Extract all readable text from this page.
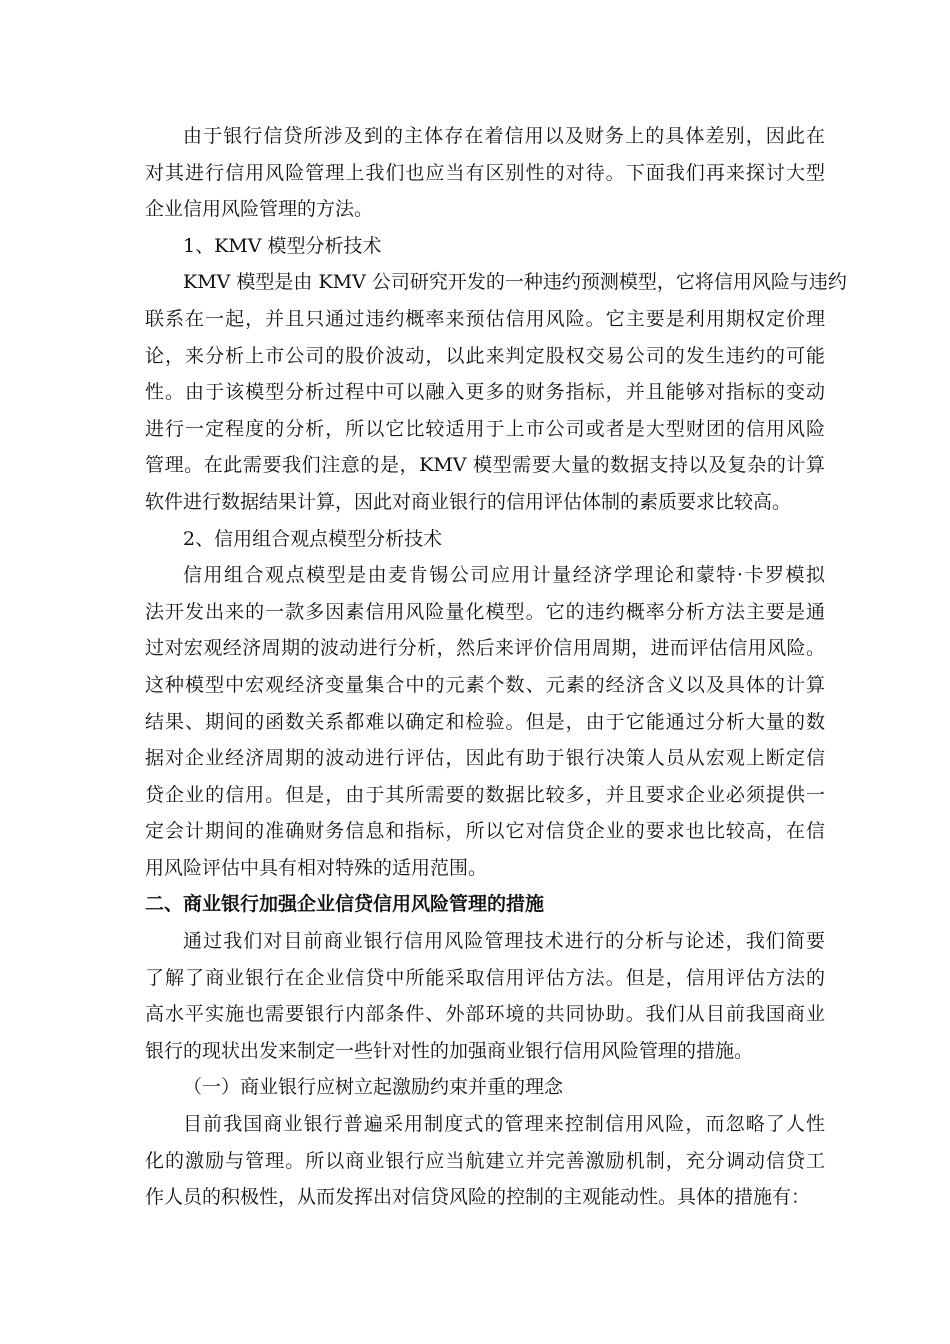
由于银行信贷所涉及到的主体存在着信用以及财务上的具体差别，因此在
对其进行信用风险管理上我们也应当有区别性的对待。下面我们再来探讨大型
企业信用风险管理的方法。
1、KMV 模型分析技术
KMV 模型是由 KMV 公司研究开发的一种违约预测模型，它将信用风险与违约
联系在一起，并且只通过违约概率来预估信用风险。它主要是利用期权定价理
论，来分析上市公司的股价波动，以此来判定股权交易公司的发生违约的可能
性。由于该模型分析过程中可以融入更多的财务指标，并且能够对指标的变动
进行一定程度的分析，所以它比较适用于上市公司或者是大型财团的信用风险
管理。在此需要我们注意的是，KMV 模型需要大量的数据支持以及复杂的计算
软件进行数据结果计算，因此对商业银行的信用评估体制的素质要求比较高。
2、信用组合观点模型分析技术
信用组合观点模型是由麦肯锡公司应用计量经济学理论和蒙特·卡罗模拟
法开发出来的一款多因素信用风险量化模型。它的违约概率分析方法主要是通
过对宏观经济周期的波动进行分析，然后来评价信用周期，进而评估信用风险。
这种模型中宏观经济变量集合中的元素个数、元素的经济含义以及具体的计算
结果、期间的函数关系都难以确定和检验。但是，由于它能通过分析大量的数
据对企业经济周期的波动进行评估，因此有助于银行决策人员从宏观上断定信
贷企业的信用。但是，由于其所需要的数据比较多，并且要求企业必须提供一
定会计期间的准确财务信息和指标，所以它对信贷企业的要求也比较高，在信
用风险评估中具有相对特殊的适用范围。
二、商业银行加强企业信贷信用风险管理的措施
通过我们对目前商业银行信用风险管理技术进行的分析与论述，我们简要
了解了商业银行在企业信贷中所能采取信用评估方法。但是，信用评估方法的
高水平实施也需要银行内部条件、外部环境的共同协助。我们从目前我国商业
银行的现状出发来制定一些针对性的加强商业银行信用风险管理的措施。
（一）商业银行应树立起激励约束并重的理念
目前我国商业银行普遍采用制度式的管理来控制信用风险，而忽略了人性
化的激励与管理。所以商业银行应当航建立并完善激励机制，充分调动信贷工
作人员的积极性，从而发挥出对信贷风险的控制的主观能动性。具体的措施有：
